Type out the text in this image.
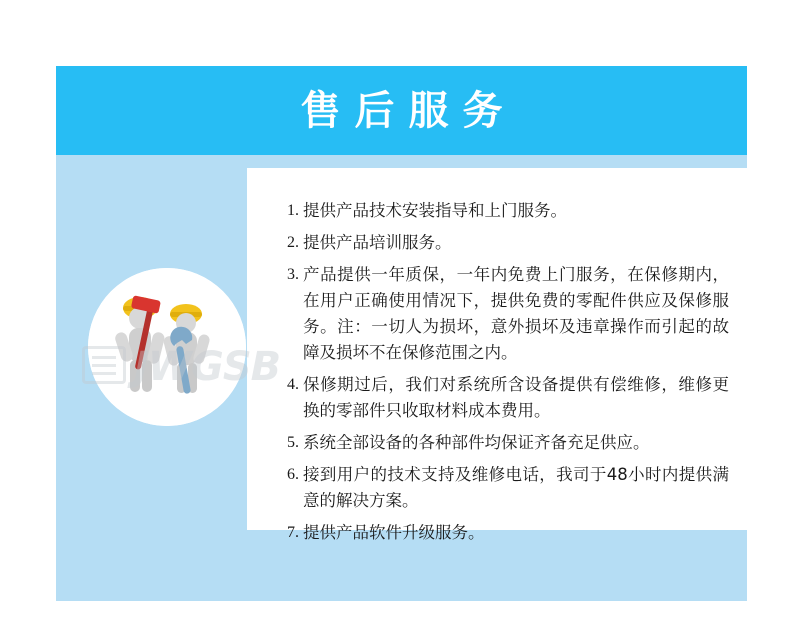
售后服务
1. 提供产品技术安装指导和上门服务。
2. 提供产品培训服务。
3. 产品提供一年质保，一年内免费上门服务，在保修期内，在用户正确使用情况下，提供免费的零配件供应及保修服务。注：一切人为损坏，意外损坏及违章操作而引起的故障及损坏不在保修范围之内。
4. 保修期过后，我们对系统所含设备提供有偿维修，维修更换的零部件只收取材料成本费用。
5. 系统全部设备的各种部件均保证齐备充足供应。
6. 接到用户的技术支持及维修电话，我司于48小时内提供满意的解决方案。
7. 提供产品软件升级服务。
JWGSB
